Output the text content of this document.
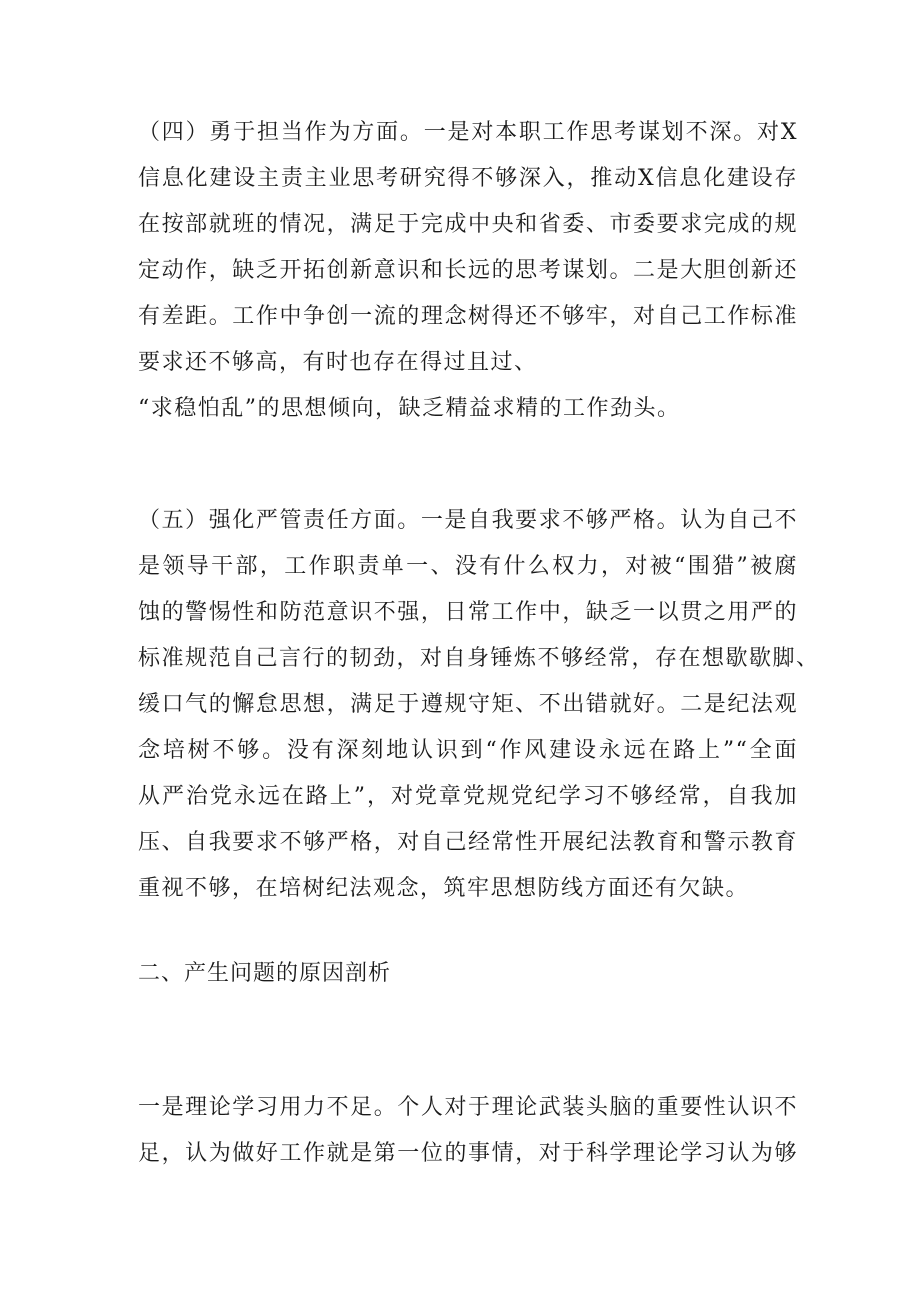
（四）勇于担当作为方面。一是对本职工作思考谋划不深。对X
信息化建设主责主业思考研究得不够深入，推动X信息化建设存
在按部就班的情况，满足于完成中央和省委、市委要求完成的规
定动作，缺乏开拓创新意识和长远的思考谋划。二是大胆创新还
有差距。工作中争创一流的理念树得还不够牢，对自己工作标准
要求还不够高，有时也存在得过且过、
“求稳怕乱”的思想倾向，缺乏精益求精的工作劲头。
（五）强化严管责任方面。一是自我要求不够严格。认为自己不
是领导干部，工作职责单一、没有什么权力，对被“围猎”被腐
蚀的警惕性和防范意识不强，日常工作中，缺乏一以贯之用严的
标准规范自己言行的韧劲，对自身锤炼不够经常，存在想歇歇脚、
缓口气的懈怠思想，满足于遵规守矩、不出错就好。二是纪法观
念培树不够。没有深刻地认识到“作风建设永远在路上”“全面
从严治党永远在路上”，对党章党规党纪学习不够经常，自我加
压、自我要求不够严格，对自己经常性开展纪法教育和警示教育
重视不够，在培树纪法观念，筑牢思想防线方面还有欠缺。
二、产生问题的原因剖析
一是理论学习用力不足。个人对于理论武装头脑的重要性认识不
足，认为做好工作就是第一位的事情，对于科学理论学习认为够
